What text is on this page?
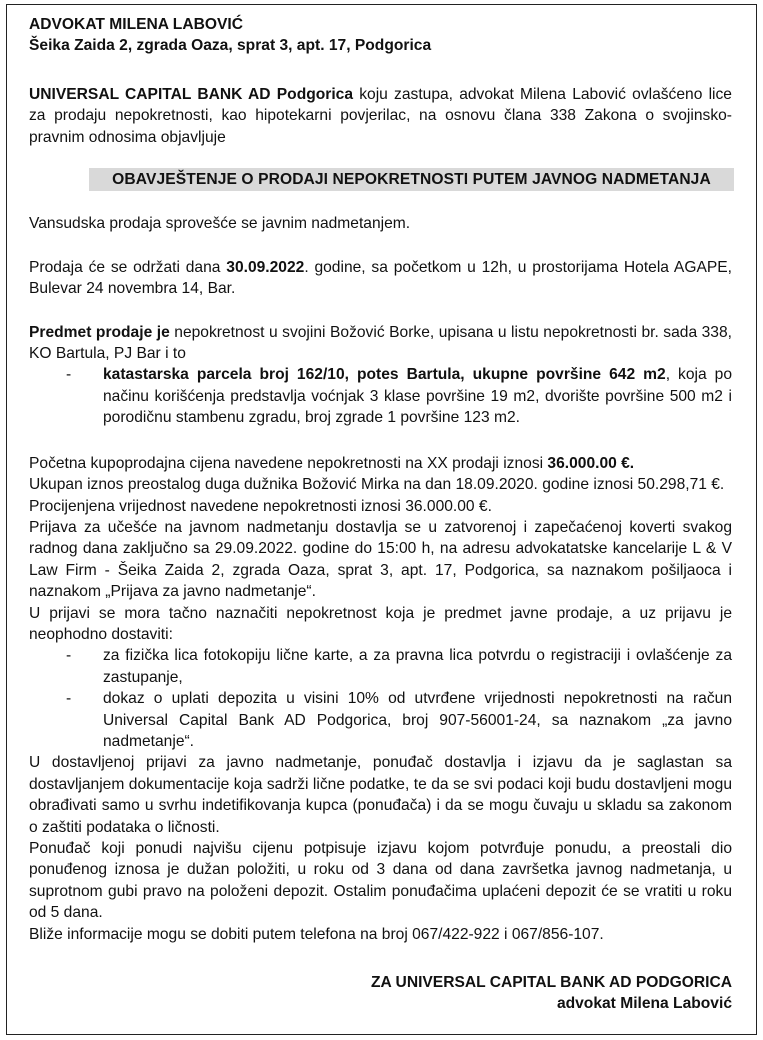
ADVOKAT MILENA LABOVIĆ

Šeika Zaida 2, zgrada Oaza, sprat 3, apt. 17, Podgorica

UNIVERSAL CAPITAL BANK AD Podgorica koju zastupa, advokat Milena Labović ovlašćeno lice za prodaju nepokretnosti, kao hipotekarni povjerilac, na osnovu člana 338 Zakona o svojinsko-pravnim odnosima objavljuje

OBAVJEŠTENJE O PRODAJI NEPOKRETNOSTI PUTEM JAVNOG NADMETANJA

Vansudska prodaja sprovešće se javnim nadmetanjem.

Prodaja će se održati dana 30.09.2022. godine, sa početkom u 12h, u prostorijama Hotela AGAPE, Bulevar 24 novembra 14, Bar.

Predmet prodaje je nepokretnost u svojini Božović Borke, upisana u listu nepokretnosti br. sada 338, KO Bartula, PJ Bar i to

-	katastarska parcela broj 162/10, potes Bartula, ukupne površine 642 m2, koja po načinu korišćenja predstavlja voćnjak 3 klase površine 19 m2, dvorište površine 500 m2 i porodičnu stambenu zgradu, broj zgrade 1 površine 123 m2.

Početna kupoprodajna cijena navedene nepokretnosti na XX prodaji iznosi 36.000.00 €.

Ukupan iznos preostalog duga dužnika Božović Mirka na dan 18.09.2020. godine iznosi 50.298,71 €.

Procijenjena vrijednost navedene nepokretnosti iznosi 36.000.00 €.

Prijava za učešće na javnom nadmetanju dostavlja se u zatvorenoj i zapečaćenoj koverti svakog radnog dana zaključno sa 29.09.2022. godine do 15:00 h, na adresu advokatatske kancelarije L & V Law Firm - Šeika Zaida 2, zgrada Oaza, sprat 3, apt. 17, Podgorica, sa naznakom pošiljaoca i naznakom „Prijava za javno nadmetanje“.

U prijavi se mora tačno naznačiti nepokretnost koja je predmet javne prodaje, a uz prijavu je neophodno dostaviti:

-	za fizička lica fotokopiju lične karte, a za pravna lica potvrdu o registraciji i ovlašćenje za zastupanje,
-	dokaz o uplati depozita u visini 10% od utvrđene vrijednosti nepokretnosti na račun Universal Capital Bank AD Podgorica, broj 907-56001-24, sa naznakom „za javno nadmetanje“.

U dostavljenoj prijavi za javno nadmetanje, ponuđač dostavlja i izjavu da je saglastan sa dostavljanjem dokumentacije koja sadrži lične podatke, te da se svi podaci koji budu dostavljeni mogu obrađivati samo u svrhu indetifikovanja kupca (ponuđača) i da se mogu čuvaju u skladu sa zakonom o zaštiti podataka o ličnosti.

Ponuđač koji ponudi najvišu cijenu potpisuje izjavu kojom potvrđuje ponudu, a preostali dio ponuđenog iznosa je dužan položiti, u roku od 3 dana od dana završetka javnog nadmetanja, u suprotnom gubi pravo na položeni depozit. Ostalim ponuđačima uplaćeni depozit će se vratiti u roku od 5 dana.

Bliže informacije mogu se dobiti putem telefona na broj 067/422-922 i 067/856-107.

ZA UNIVERSAL CAPITAL BANK AD PODGORICA

advokat Milena Labović
